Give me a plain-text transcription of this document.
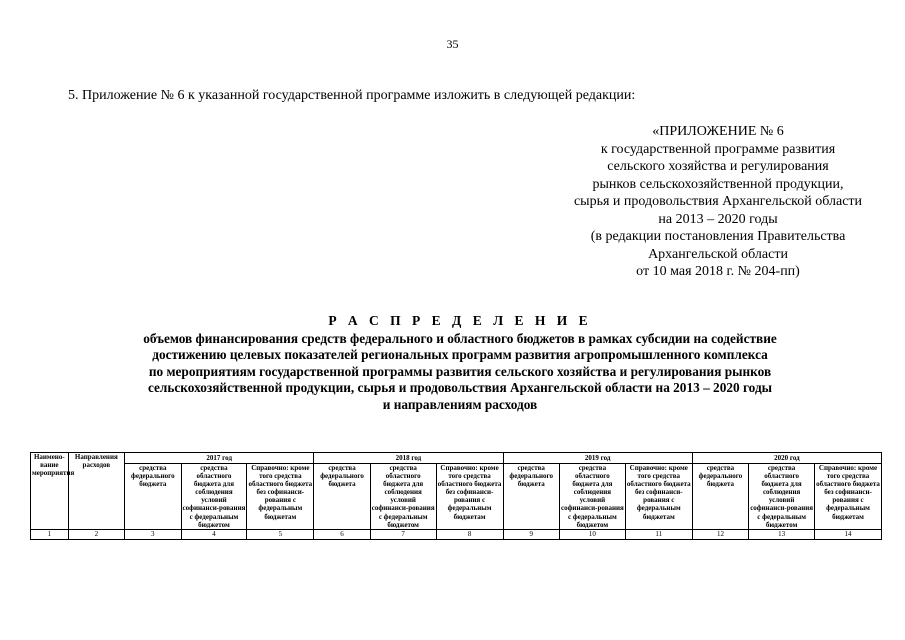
35
5. Приложение № 6 к указанной государственной программе изложить в следующей редакции:
«ПРИЛОЖЕНИЕ № 6
к государственной программе развития
сельского хозяйства и регулирования
рынков сельскохозяйственной продукции,
сырья и продовольствия Архангельской области
на 2013 – 2020 годы
(в редакции постановления Правительства
Архангельской области
от 10 мая 2018 г. № 204-пп)
Р А С П Р Е Д Е Л Е Н И Е
объемов финансирования средств федерального и областного бюджетов в рамках субсидии на содействие
достижению целевых показателей региональных программ развития агропромышленного комплекса
по мероприятиям государственной программы развития сельского хозяйства и регулирования рынков
сельскохозяйственной продукции, сырья и продовольствия Архангельской области на 2013 – 2020 годы
и направлениям расходов
Наимено-вание мероприятия	Направления расходов	2017 год			2018 год			2019 год			2020 год		
		средства федерального бюджета	средства областного бюджета для соблюдения условий софинанси-рования с федеральным бюджетом	Справочно: кроме того средства областного бюджета без софинанси-рования с федеральным бюджетам	средства федерального бюджета	средства областного бюджета для соблюдения условий софинанси-рования с федеральным бюджетом	Справочно: кроме того средства областного бюджета без софинанси-рования с федеральным бюджетам	средства федерального бюджета	средства областного бюджета для соблюдения условий софинанси-рования с федеральным бюджетом	Справочно: кроме того средства областного бюджета без софинанси-рования с федеральным бюджетам	средства федерального бюджета	средства областного бюджета для соблюдения условий софинанси-рования с федеральным бюджетом	Справочно: кроме того средства областного бюджета без софинанси-рования с федеральным бюджетам
1	2	3	4	5	6	7	8	9	10	11	12	13	14
